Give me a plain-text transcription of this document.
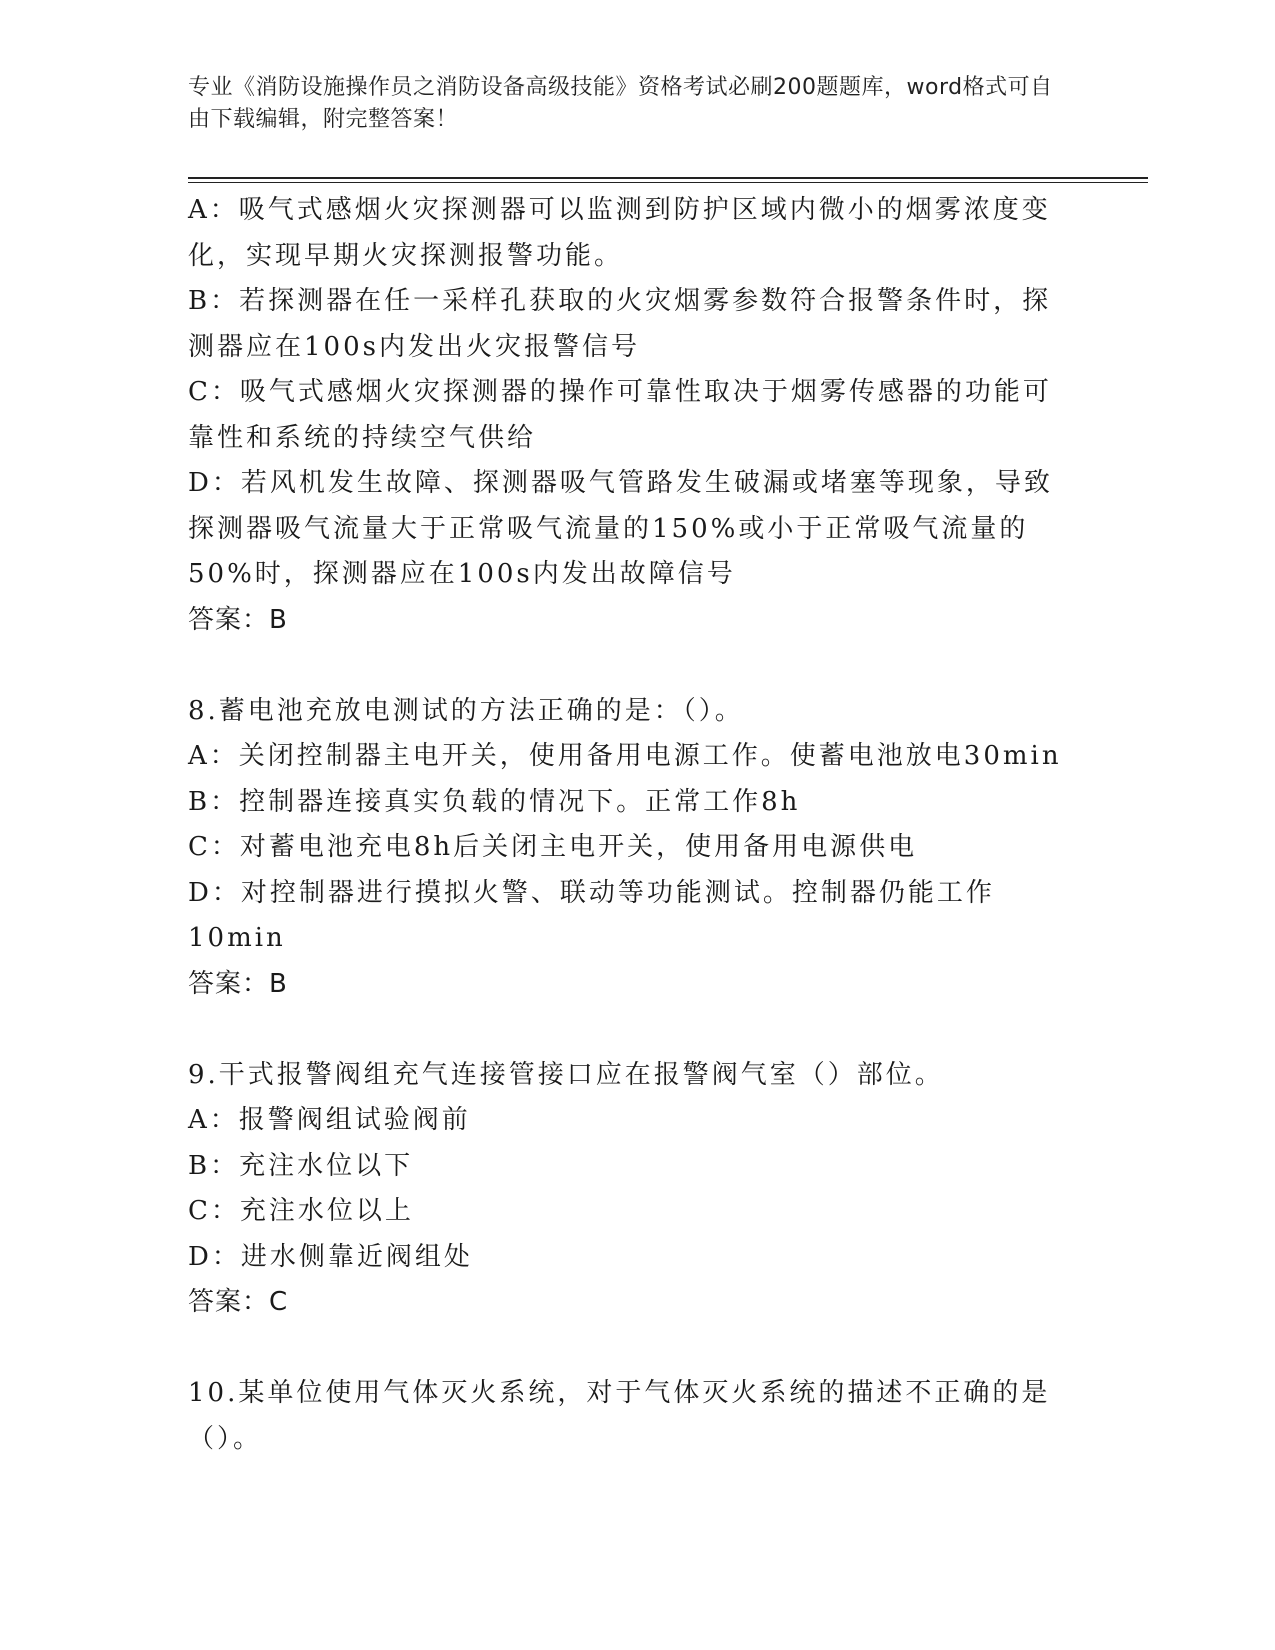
专业《消防设施操作员之消防设备高级技能》资格考试必刷200题题库，word格式可自由下载编辑，附完整答案！

A：吸气式感烟火灾探测器可以监测到防护区域内微小的烟雾浓度变化，实现早期火灾探测报警功能。

B：若探测器在任一采样孔获取的火灾烟雾参数符合报警条件时，探测器应在100s内发出火灾报警信号

C：吸气式感烟火灾探测器的操作可靠性取决于烟雾传感器的功能可靠性和系统的持续空气供给

D：若风机发生故障、探测器吸气管路发生破漏或堵塞等现象，导致探测器吸气流量大于正常吸气流量的150%或小于正常吸气流量的50%时，探测器应在100s内发出故障信号

答案：B

8.蓄电池充放电测试的方法正确的是：（）。

A：关闭控制器主电开关，使用备用电源工作。使蓄电池放电30min

B：控制器连接真实负载的情况下。正常工作8h

C：对蓄电池充电8h后关闭主电开关，使用备用电源供电

D：对控制器进行摸拟火警、联动等功能测试。控制器仍能工作10min

答案：B

9.干式报警阀组充气连接管接口应在报警阀气室（）部位。

A：报警阀组试验阀前

B：充注水位以下

C：充注水位以上

D：进水侧靠近阀组处

答案：C

10.某单位使用气体灭火系统，对于气体灭火系统的描述不正确的是（）。
